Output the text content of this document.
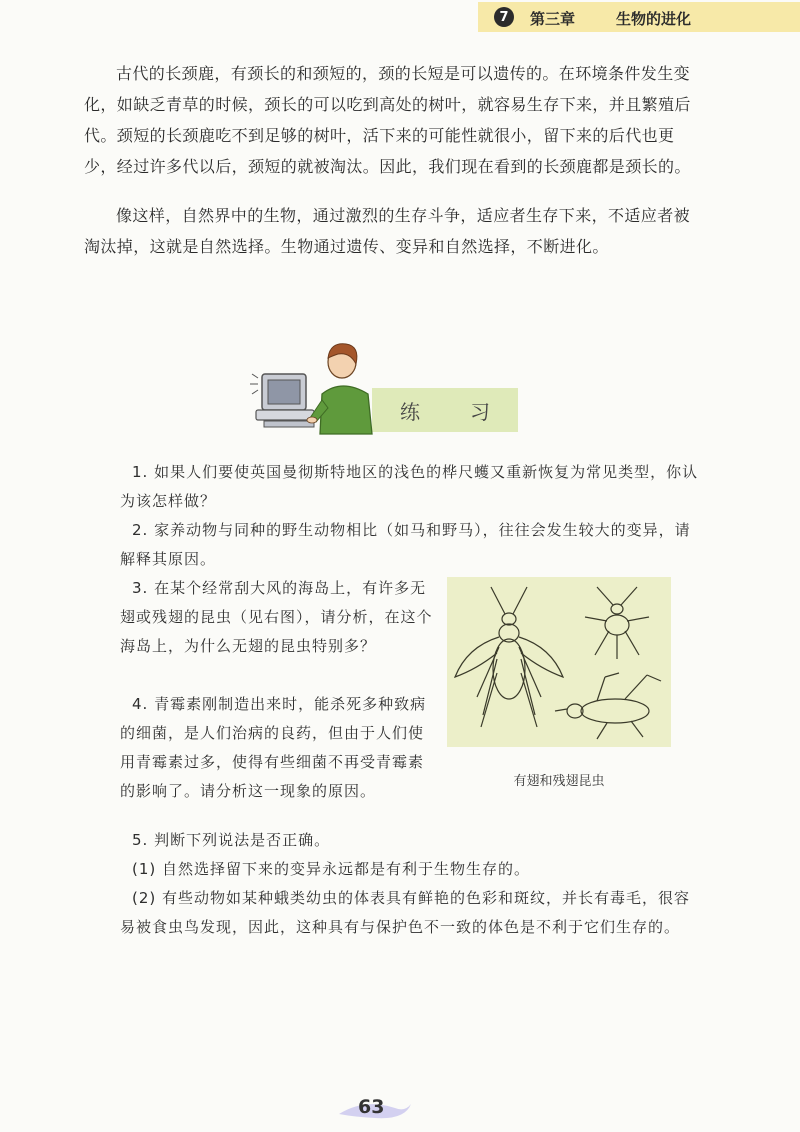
7	第三章	生物的进化

古代的长颈鹿，有颈长的和颈短的，颈的长短是可以遗传的。在环境条件发生变化，如缺乏青草的时候，颈长的可以吃到高处的树叶，就容易生存下来，并且繁殖后代。颈短的长颈鹿吃不到足够的树叶，活下来的可能性就很小，留下来的后代也更少，经过许多代以后，颈短的就被淘汰。因此，我们现在看到的长颈鹿都是颈长的。

像这样，自然界中的生物，通过激烈的生存斗争，适应者生存下来，不适应者被淘汰掉，这就是自然选择。生物通过遗传、变异和自然选择，不断进化。

练 习

1. 如果人们要使英国曼彻斯特地区的浅色的桦尺蠖又重新恢复为常见类型，你认为该怎样做？

2. 家养动物与同种的野生动物相比（如马和野马），往往会发生较大的变异，请解释其原因。

3. 在某个经常刮大风的海岛上，有许多无翅或残翅的昆虫（见右图），请分析，在这个海岛上，为什么无翅的昆虫特别多？

4. 青霉素刚制造出来时，能杀死多种致病的细菌，是人们治病的良药，但由于人们使用青霉素过多，使得有些细菌不再受青霉素的影响了。请分析这一现象的原因。

5. 判断下列说法是否正确。

(1) 自然选择留下来的变异永远都是有利于生物生存的。

(2) 有些动物如某种蛾类幼虫的体表具有鲜艳的色彩和斑纹，并长有毒毛，很容易被食虫鸟发现，因此，这种具有与保护色不一致的体色是不利于它们生存的。

有翅和残翅昆虫
63
